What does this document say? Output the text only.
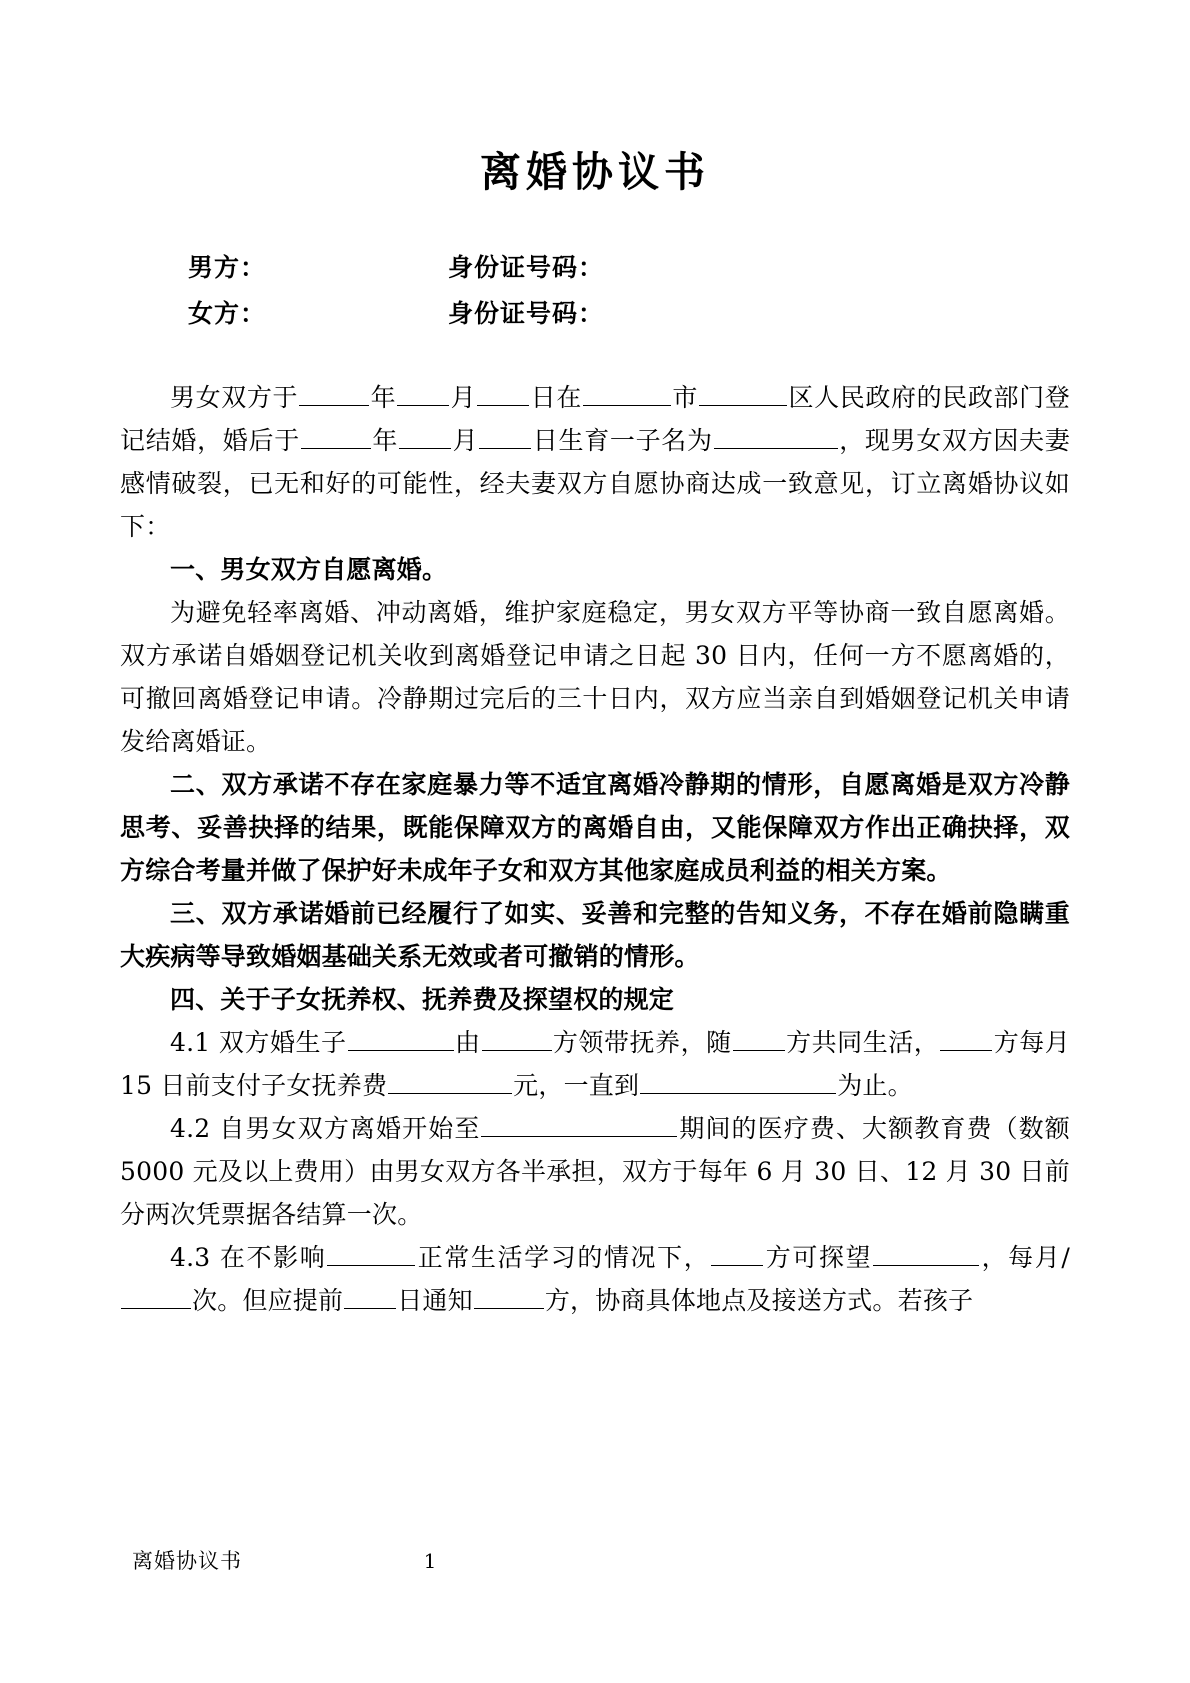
离婚协议书
男方：	身份证号码：
女方：	身份证号码：

男女双方于	年 月 日在	市	区人民政府的民政部门登记结婚，婚后于	年 月 日生育一子名为	，现男女双方因夫妻感情破裂，已无和好的可能性，经夫妻双方自愿协商达成一致意见，订立离婚协议如下：

一、男女双方自愿离婚。

为避免轻率离婚、冲动离婚，维护家庭稳定，男女双方平等协商一致自愿离婚。双方承诺自婚姻登记机关收到离婚登记申请之日起 30 日内，任何一方不愿离婚的，可撤回离婚登记申请。冷静期过完后的三十日内，双方应当亲自到婚姻登记机关申请发给离婚证。

二、双方承诺不存在家庭暴力等不适宜离婚冷静期的情形，自愿离婚是双方冷静思考、妥善抉择的结果，既能保障双方的离婚自由，又能保障双方作出正确抉择，双方综合考量并做了保护好未成年子女和双方其他家庭成员利益的相关方案。

三、双方承诺婚前已经履行了如实、妥善和完整的告知义务，不存在婚前隐瞒重大疾病等导致婚姻基础关系无效或者可撤销的情形。

四、关于子女抚养权、抚养费及探望权的规定

4.1 双方婚生子	由	方领带抚养，随 方共同生活， 方每月 15 日前支付子女抚养费	元，一直到	为止。

4.2 自男女双方离婚开始至	期间的医疗费、大额教育费（数额 5000 元及以上费用）由男女双方各半承担，双方于每年 6 月 30 日、12 月 30 日前分两次凭票据各结算一次。

4.3 在不影响	正常生活学习的情况下， 方可探望	，每月/次。但应提前 日通知	方，协商具体地点及接送方式。若孩子

离婚协议书	1
